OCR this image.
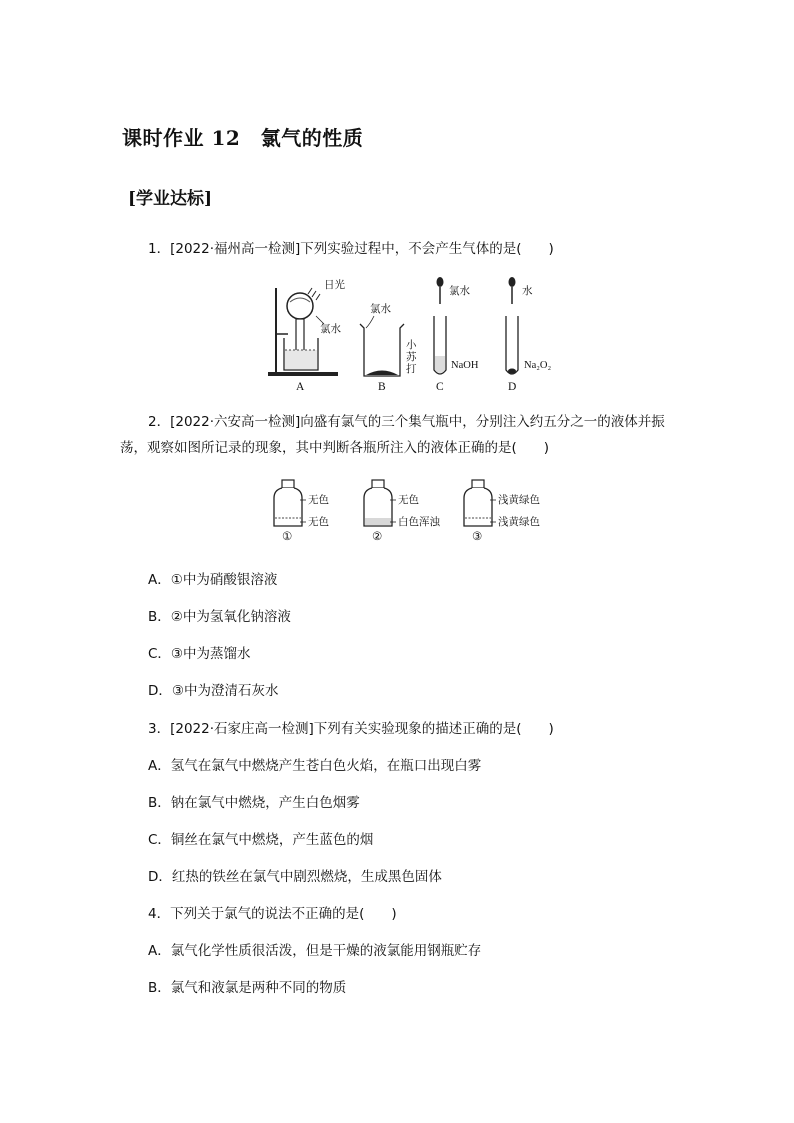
课时作业 12　氯气的性质
[学业达标]
1．[2022·福州高一检测]下列实验过程中，不会产生气体的是(　　)
日光
氯水
A
氯水
小
苏
打
B
氯水
NaOH
C
水
Na₂O₂
D
2．[2022·六安高一检测]向盛有氯气的三个集气瓶中，分别注入约五分之一的液体并振
荡，观察如图所记录的现象，其中判断各瓶所注入的液体正确的是(　　)
无色
无色
①
无色
白色浑浊
②
浅黄绿色
浅黄绿色
③
A．①中为硝酸银溶液
B．②中为氢氧化钠溶液
C．③中为蒸馏水
D．③中为澄清石灰水
3．[2022·石家庄高一检测]下列有关实验现象的描述正确的是(　　)
A．氢气在氯气中燃烧产生苍白色火焰，在瓶口出现白雾
B．钠在氯气中燃烧，产生白色烟雾
C．铜丝在氯气中燃烧，产生蓝色的烟
D．红热的铁丝在氯气中剧烈燃烧，生成黑色固体
4．下列关于氯气的说法不正确的是(　　)
A．氯气化学性质很活泼，但是干燥的液氯能用钢瓶贮存
B．氯气和液氯是两种不同的物质
